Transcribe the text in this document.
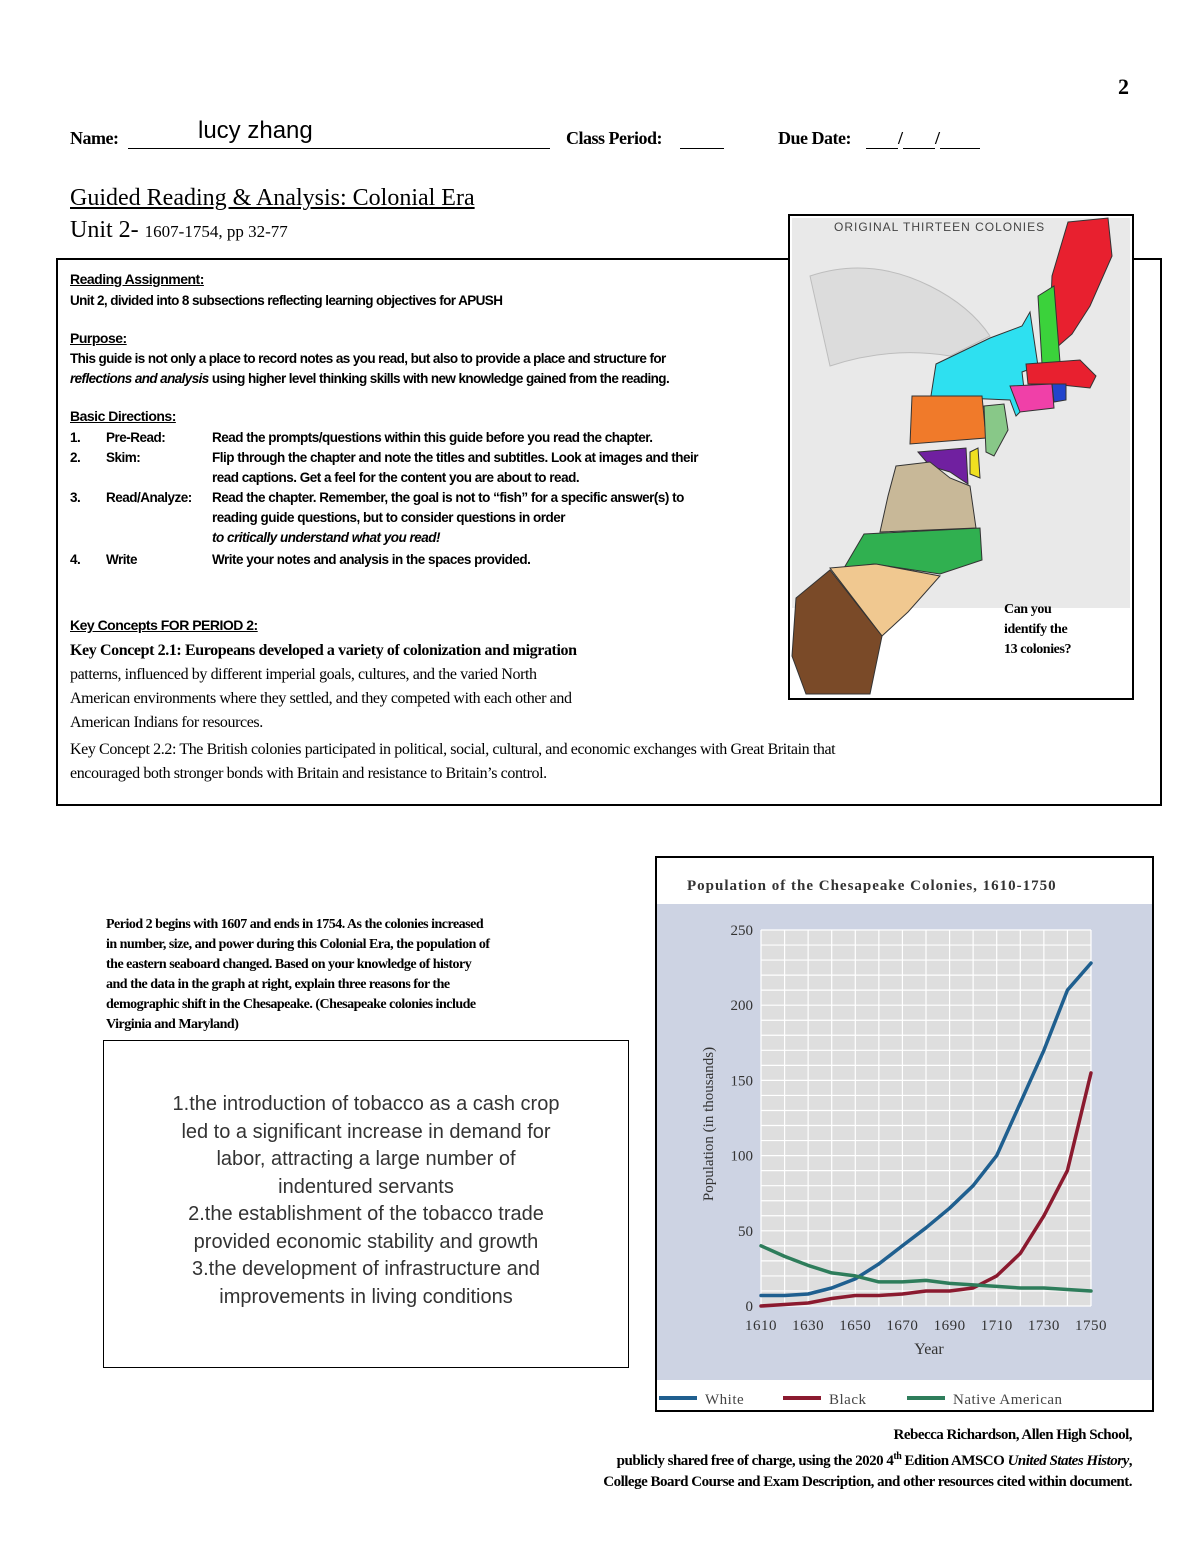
2
Name:	lucy zhang	Class Period:	Due Date:	/ /
Guided Reading & Analysis: Colonial Era
Unit 2- 1607-1754, pp 32-77
Reading Assignment:
Unit 2, divided into 8 subsections reflecting learning objectives for APUSH
Purpose:
This guide is not only a place to record notes as you read, but also to provide a place and structure for
reflections and analysis using higher level thinking skills with new knowledge gained from the reading.
Basic Directions:
1. Pre-Read:	Read the prompts/questions within this guide before you read the chapter.
2. Skim:	Flip through the chapter and note the titles and subtitles. Look at images and their
read captions. Get a feel for the content you are about to read.
3. Read/Analyze: Read the chapter. Remember, the goal is not to “fish” for a specific answer(s) to
reading guide questions, but to consider questions in order
to critically understand what you read!
4. Write	Write your notes and analysis in the spaces provided.
Key Concepts FOR PERIOD 2:
Key Concept 2.1: Europeans developed a variety of colonization and migration
patterns, influenced by different imperial goals, cultures, and the varied North
American environments where they settled, and they competed with each other and
American Indians for resources.
Key Concept 2.2: The British colonies participated in political, social, cultural, and economic exchanges with Great Britain that
encouraged both stronger bonds with Britain and resistance to Britain’s control.
ORIGINAL THIRTEEN COLONIES
Can you
identify the
13 colonies?
Period 2 begins with 1607 and ends in 1754. As the colonies increased
in number, size, and power during this Colonial Era, the population of
the eastern seaboard changed. Based on your knowledge of history
and the data in the graph at right, explain three reasons for the
demographic shift in the Chesapeake. (Chesapeake colonies include
Virginia and Maryland)
1.the introduction of tobacco as a cash crop
led to a significant increase in demand for
labor, attracting a large number of
indentured servants
2.the establishment of the tobacco trade
provided economic stability and growth
3.the development of infrastructure and
improvements in living conditions
Population of the Chesapeake Colonies, 1610-1750
0
50
100
150
200
250
1610 1630 1650 1670 1690 1710 1730 1750
Year
Population (in thousands)
White	Black	Native American
Rebecca Richardson, Allen High School,
publicly shared free of charge, using the 2020 4th Edition AMSCO United States History,
College Board Course and Exam Description, and other resources cited within document.
